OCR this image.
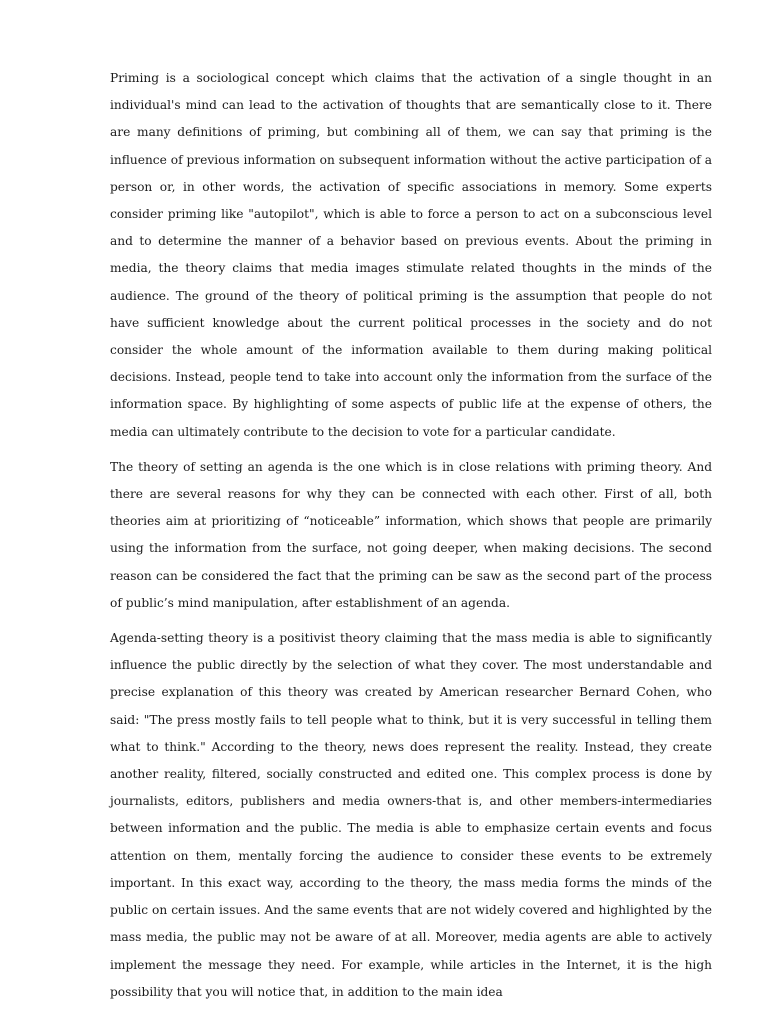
Priming is a sociological concept which claims that the activation of a single thought in an individual's mind can lead to the activation of thoughts that are semantically close to it. There are many definitions of priming, but combining all of them, we can say that priming is the influence of previous information on subsequent information without the active participation of a person or, in other words, the activation of specific associations in memory. Some experts consider priming like "autopilot", which is able to force a person to act on a subconscious level and to determine the manner of a behavior based on previous events. About the priming in media, the theory claims that media images stimulate related thoughts in the minds of the audience. The ground of the theory of political priming is the assumption that people do not have sufficient knowledge about the current political processes in the society and do not consider the whole amount of the information available to them during making political decisions. Instead, people tend to take into account only the information from the surface of the information space. By highlighting of some aspects of public life at the expense of others, the media can ultimately contribute to the decision to vote for a particular candidate.

The theory of setting an agenda is the one which is in close relations with priming theory. And there are several reasons for why they can be connected with each other. First of all, both theories aim at prioritizing of “noticeable” information, which shows that people are primarily using the information from the surface, not going deeper, when making decisions. The second reason can be considered the fact that the priming can be saw as the second part of the process of public’s mind manipulation, after establishment of an agenda.

Agenda-setting theory is a positivist theory claiming that the mass media is able to significantly influence the public directly by the selection of what they cover. The most understandable and precise explanation of this theory was created by American researcher Bernard Cohen, who said: "The press mostly fails to tell people what to think, but it is very successful in telling them what to think." According to the theory, news does represent the reality. Instead, they create another reality, filtered, socially constructed and edited one. This complex process is done by journalists, editors, publishers and media owners-that is, and other members-intermediaries between information and the public. The media is able to emphasize certain events and focus attention on them, mentally forcing the audience to consider these events to be extremely important. In this exact way, according to the theory, the mass media forms the minds of the public on certain issues. And the same events that are not widely covered and highlighted by the mass media, the public may not be aware of at all. Moreover, media agents are able to actively implement the message they need. For example, while articles in the Internet, it is the high possibility that you will notice that, in addition to the main idea
